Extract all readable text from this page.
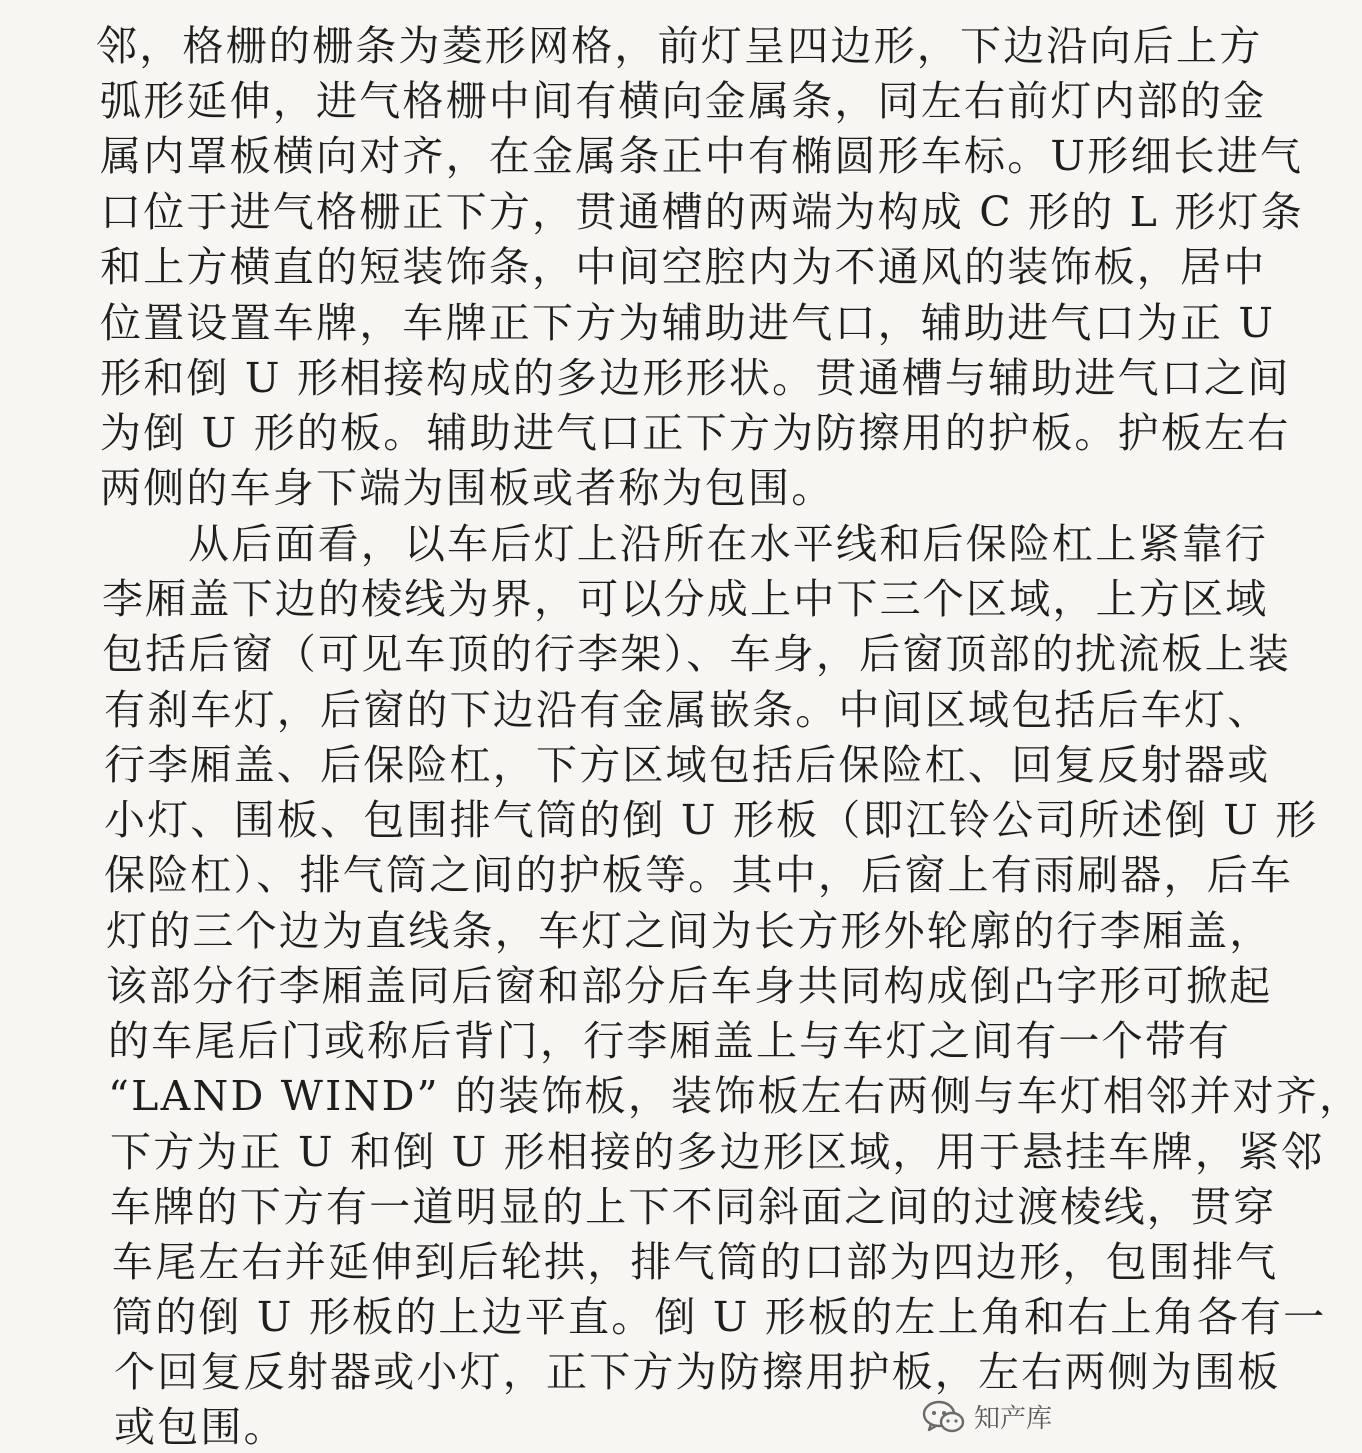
邻，格栅的栅条为菱形网格，前灯呈四边形，下边沿向后上方
弧形延伸，进气格栅中间有横向金属条，同左右前灯内部的金
属内罩板横向对齐，在金属条正中有椭圆形车标。U形细长进气
口位于进气格栅正下方，贯通槽的两端为构成 C 形的 L 形灯条
和上方横直的短装饰条，中间空腔内为不通风的装饰板，居中
位置设置车牌，车牌正下方为辅助进气口，辅助进气口为正 U
形和倒 U 形相接构成的多边形形状。贯通槽与辅助进气口之间
为倒 U 形的板。辅助进气口正下方为防擦用的护板。护板左右
两侧的车身下端为围板或者称为包围。
从后面看，以车后灯上沿所在水平线和后保险杠上紧靠行
李厢盖下边的棱线为界，可以分成上中下三个区域，上方区域
包括后窗（可见车顶的行李架）、车身，后窗顶部的扰流板上装
有刹车灯，后窗的下边沿有金属嵌条。中间区域包括后车灯、
行李厢盖、后保险杠，下方区域包括后保险杠、回复反射器或
小灯、围板、包围排气筒的倒 U 形板（即江铃公司所述倒 U 形
保险杠）、排气筒之间的护板等。其中，后窗上有雨刷器，后车
灯的三个边为直线条，车灯之间为长方形外轮廓的行李厢盖，
该部分行李厢盖同后窗和部分后车身共同构成倒凸字形可掀起
的车尾后门或称后背门，行李厢盖上与车灯之间有一个带有
“LAND WIND” 的装饰板，装饰板左右两侧与车灯相邻并对齐，
下方为正 U 和倒 U 形相接的多边形区域，用于悬挂车牌，紧邻
车牌的下方有一道明显的上下不同斜面之间的过渡棱线，贯穿
车尾左右并延伸到后轮拱，排气筒的口部为四边形，包围排气
筒的倒 U 形板的上边平直。倒 U 形板的左上角和右上角各有一
个回复反射器或小灯，正下方为防擦用护板，左右两侧为围板
或包围。	知产库
